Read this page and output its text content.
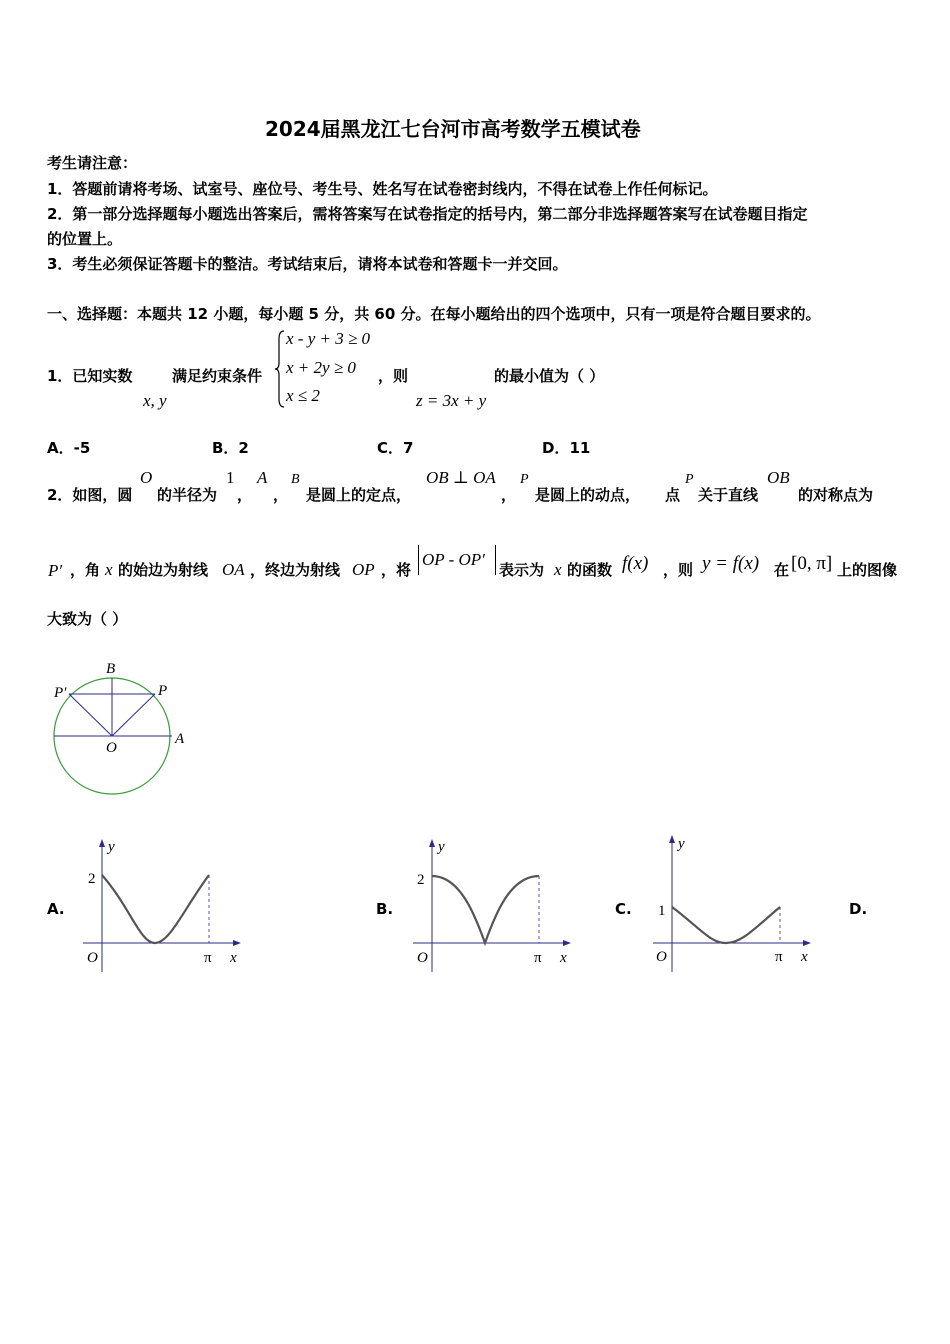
2024届黑龙江七台河市高考数学五模试卷
考生请注意：
1．答题前请将考场、试室号、座位号、考生号、姓名写在试卷密封线内，不得在试卷上作任何标记。
2．第一部分选择题每小题选出答案后，需将答案写在试卷指定的括号内，第二部分非选择题答案写在试卷题目指定
的位置上。
3．考生必须保证答题卡的整洁。考试结束后，请将本试卷和答题卡一并交回。
一、选择题：本题共 12 小题，每小题 5 分，共 60 分。在每小题给出的四个选项中，只有一项是符合题目要求的。
1．已知实数
x, y
满足约束条件
x - y + 3 ≥ 0
x + 2y ≥ 0
x ≤ 2
，则
z = 3x + y
的最小值为（ ）
A．-5	B．2	C．7	D．11
2．如图，圆
O
的半径为
1
，
A
，
B
是圆上的定点，
OB ⊥ OA
，
P
是圆上的动点， 点
P
关于直线
OB
的对称点为
P′ ，角 x 的始边为射线 OA ，终边为射线 OP ，将
OP - OP′
表示为 x 的函数 f(x) ，则 y = f(x) 在 [0, π] 上的图像
大致为（ ）
B
P′	P
O
A
A.
y
2
O	π x
B.
y
2
O	π x
C.
y
1
O	π x
D.
